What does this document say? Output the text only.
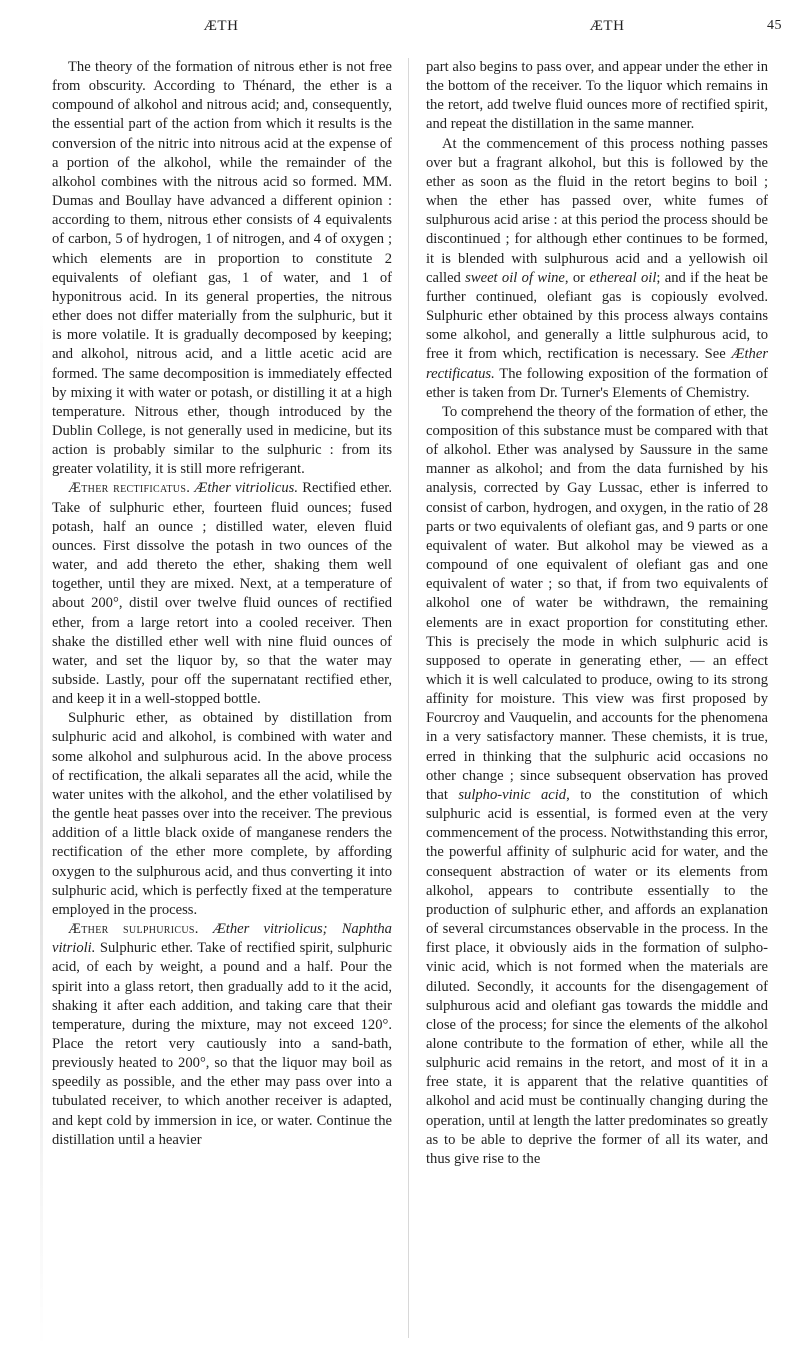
ÆTH	ÆTH	45

The theory of the formation of nitrous ether is not free from obscurity. According to Thénard, the ether is a compound of alkohol and nitrous acid; and, consequently, the essential part of the action from which it results is the conversion of the nitric into nitrous acid at the expense of a portion of the alkohol, while the remainder of the alkohol combines with the nitrous acid so formed. MM. Dumas and Boullay have advanced a different opinion : according to them, nitrous ether consists of 4 equivalents of carbon, 5 of hydrogen, 1 of nitrogen, and 4 of oxygen ; which elements are in proportion to constitute 2 equivalents of olefiant gas, 1 of water, and 1 of hyponitrous acid. In its general properties, the nitrous ether does not differ materially from the sulphuric, but it is more volatile. It is gradually decomposed by keeping; and alkohol, nitrous acid, and a little acetic acid are formed. The same decomposition is immediately effected by mixing it with water or potash, or distilling it at a high temperature. Nitrous ether, though introduced by the Dublin College, is not generally used in medicine, but its action is probably similar to the sulphuric : from its greater volatility, it is still more refrigerant.

Æther rectificatus. Æther vitriolicus. Rectified ether. Take of sulphuric ether, fourteen fluid ounces; fused potash, half an ounce ; distilled water, eleven fluid ounces. First dissolve the potash in two ounces of the water, and add thereto the ether, shaking them well together, until they are mixed. Next, at a temperature of about 200°, distil over twelve fluid ounces of rectified ether, from a large retort into a cooled receiver. Then shake the distilled ether well with nine fluid ounces of water, and set the liquor by, so that the water may subside. Lastly, pour off the supernatant rectified ether, and keep it in a well-stopped bottle.

Sulphuric ether, as obtained by distillation from sulphuric acid and alkohol, is combined with water and some alkohol and sulphurous acid. In the above process of rectification, the alkali separates all the acid, while the water unites with the alkohol, and the ether volatilised by the gentle heat passes over into the receiver. The previous addition of a little black oxide of manganese renders the rectification of the ether more complete, by affording oxygen to the sulphurous acid, and thus converting it into sulphuric acid, which is perfectly fixed at the temperature employed in the process.

Æther sulphuricus. Æther vitriolicus; Naphtha vitrioli. Sulphuric ether. Take of rectified spirit, sulphuric acid, of each by weight, a pound and a half. Pour the spirit into a glass retort, then gradually add to it the acid, shaking it after each addition, and taking care that their temperature, during the mixture, may not exceed 120°. Place the retort very cautiously into a sand-bath, previously heated to 200°, so that the liquor may boil as speedily as possible, and the ether may pass over into a tubulated receiver, to which another receiver is adapted, and kept cold by immersion in ice, or water. Continue the distillation until a heavier

part also begins to pass over, and appear under the ether in the bottom of the receiver. To the liquor which remains in the retort, add twelve fluid ounces more of rectified spirit, and repeat the distillation in the same manner.

At the commencement of this process nothing passes over but a fragrant alkohol, but this is followed by the ether as soon as the fluid in the retort begins to boil ; when the ether has passed over, white fumes of sulphurous acid arise : at this period the process should be discontinued ; for although ether continues to be formed, it is blended with sulphurous acid and a yellowish oil called sweet oil of wine, or ethereal oil; and if the heat be further continued, olefiant gas is copiously evolved. Sulphuric ether obtained by this process always contains some alkohol, and generally a little sulphurous acid, to free it from which, rectification is necessary. See Æther rectificatus. The following exposition of the formation of ether is taken from Dr. Turner's Elements of Chemistry.

To comprehend the theory of the formation of ether, the composition of this substance must be compared with that of alkohol. Ether was analysed by Saussure in the same manner as alkohol; and from the data furnished by his analysis, corrected by Gay Lussac, ether is inferred to consist of carbon, hydrogen, and oxygen, in the ratio of 28 parts or two equivalents of olefiant gas, and 9 parts or one equivalent of water. But alkohol may be viewed as a compound of one equivalent of olefiant gas and one equivalent of water ; so that, if from two equivalents of alkohol one of water be withdrawn, the remaining elements are in exact proportion for constituting ether. This is precisely the mode in which sulphuric acid is supposed to operate in generating ether, — an effect which it is well calculated to produce, owing to its strong affinity for moisture. This view was first proposed by Fourcroy and Vauquelin, and accounts for the phenomena in a very satisfactory manner. These chemists, it is true, erred in thinking that the sulphuric acid occasions no other change ; since subsequent observation has proved that sulpho-vinic acid, to the constitution of which sulphuric acid is essential, is formed even at the very commencement of the process. Notwithstanding this error, the powerful affinity of sulphuric acid for water, and the consequent abstraction of water or its elements from alkohol, appears to contribute essentially to the production of sulphuric ether, and affords an explanation of several circumstances observable in the process. In the first place, it obviously aids in the formation of sulpho-vinic acid, which is not formed when the materials are diluted. Secondly, it accounts for the disengagement of sulphurous acid and olefiant gas towards the middle and close of the process; for since the elements of the alkohol alone contribute to the formation of ether, while all the sulphuric acid remains in the retort, and most of it in a free state, it is apparent that the relative quantities of alkohol and acid must be continually changing during the operation, until at length the latter predominates so greatly as to be able to deprive the former of all its water, and thus give rise to the
